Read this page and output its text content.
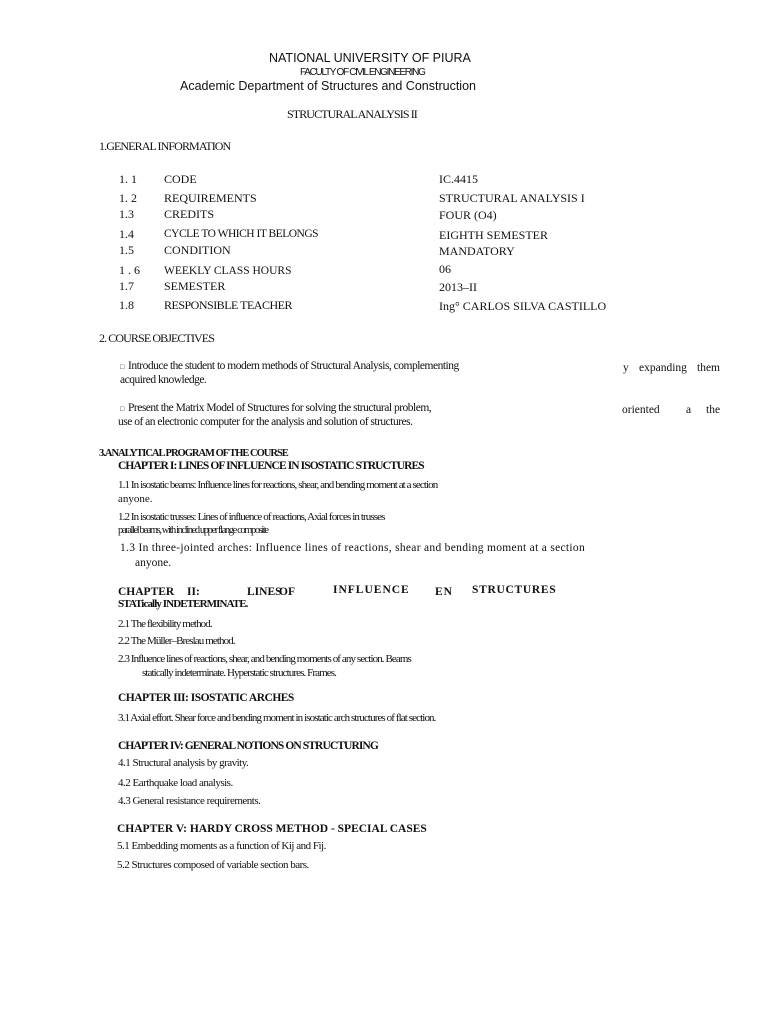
NATIONAL UNIVERSITY OF PIURA
FACULTY OF CIVIL ENGINEERING
Academic Department of Structures and Construction
STRUCTURAL ANALYSIS II
1.GENERAL INFORMATION
1. 1 CODE	IC.4415
1. 2 REQUIREMENTS	STRUCTURAL ANALYSIS I
1.3	CREDITS	FOUR (O4)
1.4	CYCLE TO WHICH IT BELONGS	EIGHTH SEMESTER
1.5	CONDITION	MANDATORY
1 . 6 WEEKLY CLASS HOURS	06
1.7	SEMESTER	2013–II
1.8	RESPONSIBLE TEACHER	Ing° CARLOS SILVA CASTILLO
2. COURSE OBJECTIVES
□ Introduce the student to modern methods of Structural Analysis, complementing	y expanding them
acquired knowledge.
□ Present the Matrix Model of Structures for solving the structural problem,	oriented a the
use of an electronic computer for the analysis and solution of structures.
3.ANALYTICAL PROGRAM OF THE COURSE
CHAPTER I: LINES OF INFLUENCE IN ISOSTATIC STRUCTURES
1.1 In isostatic beams: Influence lines for reactions, shear, and bending moment at a section
anyone.
1.2 In isostatic trusses: Lines of influence of reactions, Axial forces in trusses
parallel beams, with inclined upper flange composite
1.3 In three-jointed arches: Influence lines of reactions, shear and bending moment at a section
anyone.
CHAPTER II:	LINES
OF	INFLUENCE EN STRUCTURES
STATically INDETERMINATE.
2.1 The flexibility method.
2.2 The Müller–Breslau method.
2.3 Influence lines of reactions, shear, and bending moments of any section. Beams
statically indeterminate. Hyperstatic structures. Frames.
CHAPTER III: ISOSTATIC ARCHES
3.1 Axial effort. Shear force and bending moment in isostatic arch structures of flat section.
CHAPTER IV: GENERAL NOTIONS ON STRUCTURING
4.1 Structural analysis by gravity.
4.2 Earthquake load analysis.
4.3 General resistance requirements.
CHAPTER V: HARDY CROSS METHOD - SPECIAL CASES
5.1 Embedding moments as a function of Kij and Fij.
5.2 Structures composed of variable section bars.
